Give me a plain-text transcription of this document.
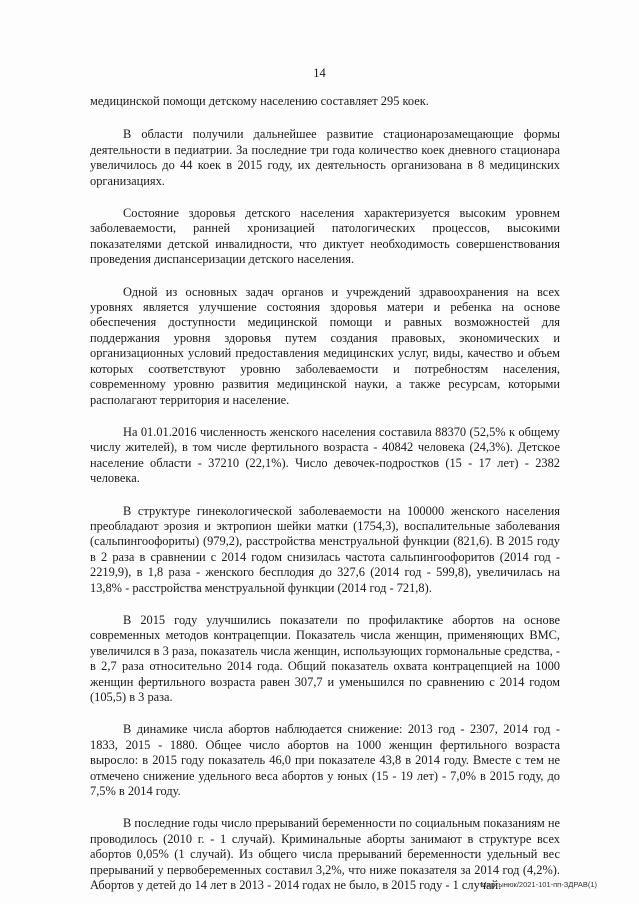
14

медицинской помощи детскому населению составляет 295 коек.

В области получили дальнейшее развитие стационарозамещающие формы деятельности в педиатрии. За последние три года количество коек дневного стационара увеличилось до 44 коек в 2015 году, их деятельность организована в 8 медицинских организациях.

Состояние здоровья детского населения характеризуется высоким уровнем заболеваемости, ранней хронизацией патологических процессов, высокими показателями детской инвалидности, что диктует необходимость совершенствования проведения диспансеризации детского населения.

Одной из основных задач органов и учреждений здравоохранения на всех уровнях является улучшение состояния здоровья матери и ребенка на основе обеспечения доступности медицинской помощи и равных возможностей для поддержания уровня здоровья путем создания правовых, экономических и организационных условий предоставления медицинских услуг, виды, качество и объем которых соответствуют уровню заболеваемости и потребностям населения, современному уровню развития медицинской науки, а также ресурсам, которыми располагают территория и население.

На 01.01.2016 численность женского населения составила 88370 (52,5% к общему числу жителей), в том числе фертильного возраста - 40842 человека (24,3%). Детское население области - 37210 (22,1%). Число девочек-подростков (15 - 17 лет) - 2382 человека.

В структуре гинекологической заболеваемости на 100000 женского населения преобладают эрозия и эктропион шейки матки (1754,3), воспалительные заболевания (сальпингоофориты) (979,2), расстройства менструальной функции (821,6). В 2015 году в 2 раза в сравнении с 2014 годом снизилась частота сальпингоофоритов (2014 год - 2219,9), в 1,8 раза - женского бесплодия до 327,6 (2014 год - 599,8), увеличилась на 13,8% - расстройства менструальной функции (2014 год - 721,8).

В 2015 году улучшились показатели по профилактике абортов на основе современных методов контрацепции. Показатель числа женщин, применяющих ВМС, увеличился в 3 раза, показатель числа женщин, использующих гормональные средства, - в 2,7 раза относительно 2014 года. Общий показатель охвата контрацепцией на 1000 женщин фертильного возраста равен 307,7 и уменьшился по сравнению с 2014 годом (105,5) в 3 раза.

В динамике числа абортов наблюдается снижение: 2013 год - 2307, 2014 год - 1833, 2015 - 1880. Общее число абортов на 1000 женщин фертильного возраста выросло: в 2015 году показатель 46,0 при показателе 43,8 в 2014 году. Вместе с тем не отмечено снижение удельного веса абортов у юных (15 - 19 лет) - 7,0% в 2015 году, до 7,5% в 2014 году.

В последние годы число прерываний беременности по социальным показаниям не проводилось (2010 г. - 1 случай). Криминальные аборты занимают в структуре всех абортов 0,05% (1 случай). Из общего числа прерываний беременности удельный вес прерываний у первобеременных составил 3,2%, что ниже показателя за 2014 год (4,2%). Абортов у детей до 14 лет в 2013 - 2014 годах не было, в 2015 году - 1 случай.

Мартынюк/2021-101-пп-ЗДРАВ(1)
